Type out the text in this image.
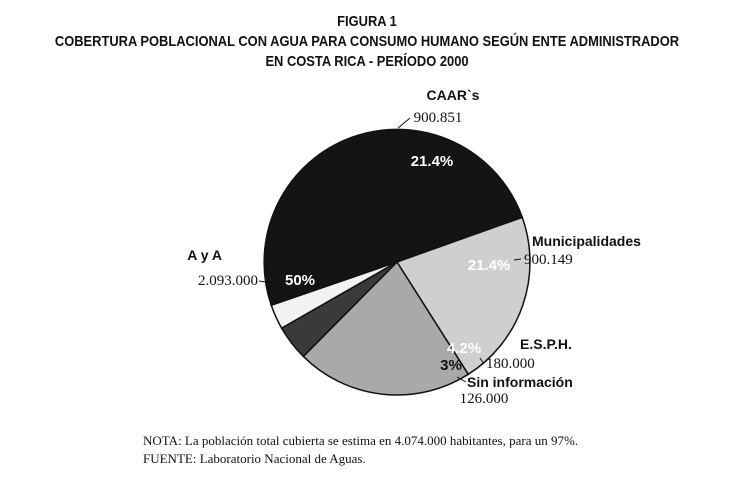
FIGURA 1
COBERTURA POBLACIONAL CON AGUA PARA CONSUMO HUMANO SEGÚN ENTE ADMINISTRADOR
EN COSTA RICA - PERÍODO 2000
50%
A y A
2.093.000
21.4%
CAAR`s
900.851
21.4%
Municipalidades
900.149
4.2%	E.S.P.H.
180.000
3%
Sin información
126.000
NOTA: La población total cubierta se estima en 4.074.000 habitantes, para un 97%.
FUENTE: Laboratorio Nacional de Aguas.
